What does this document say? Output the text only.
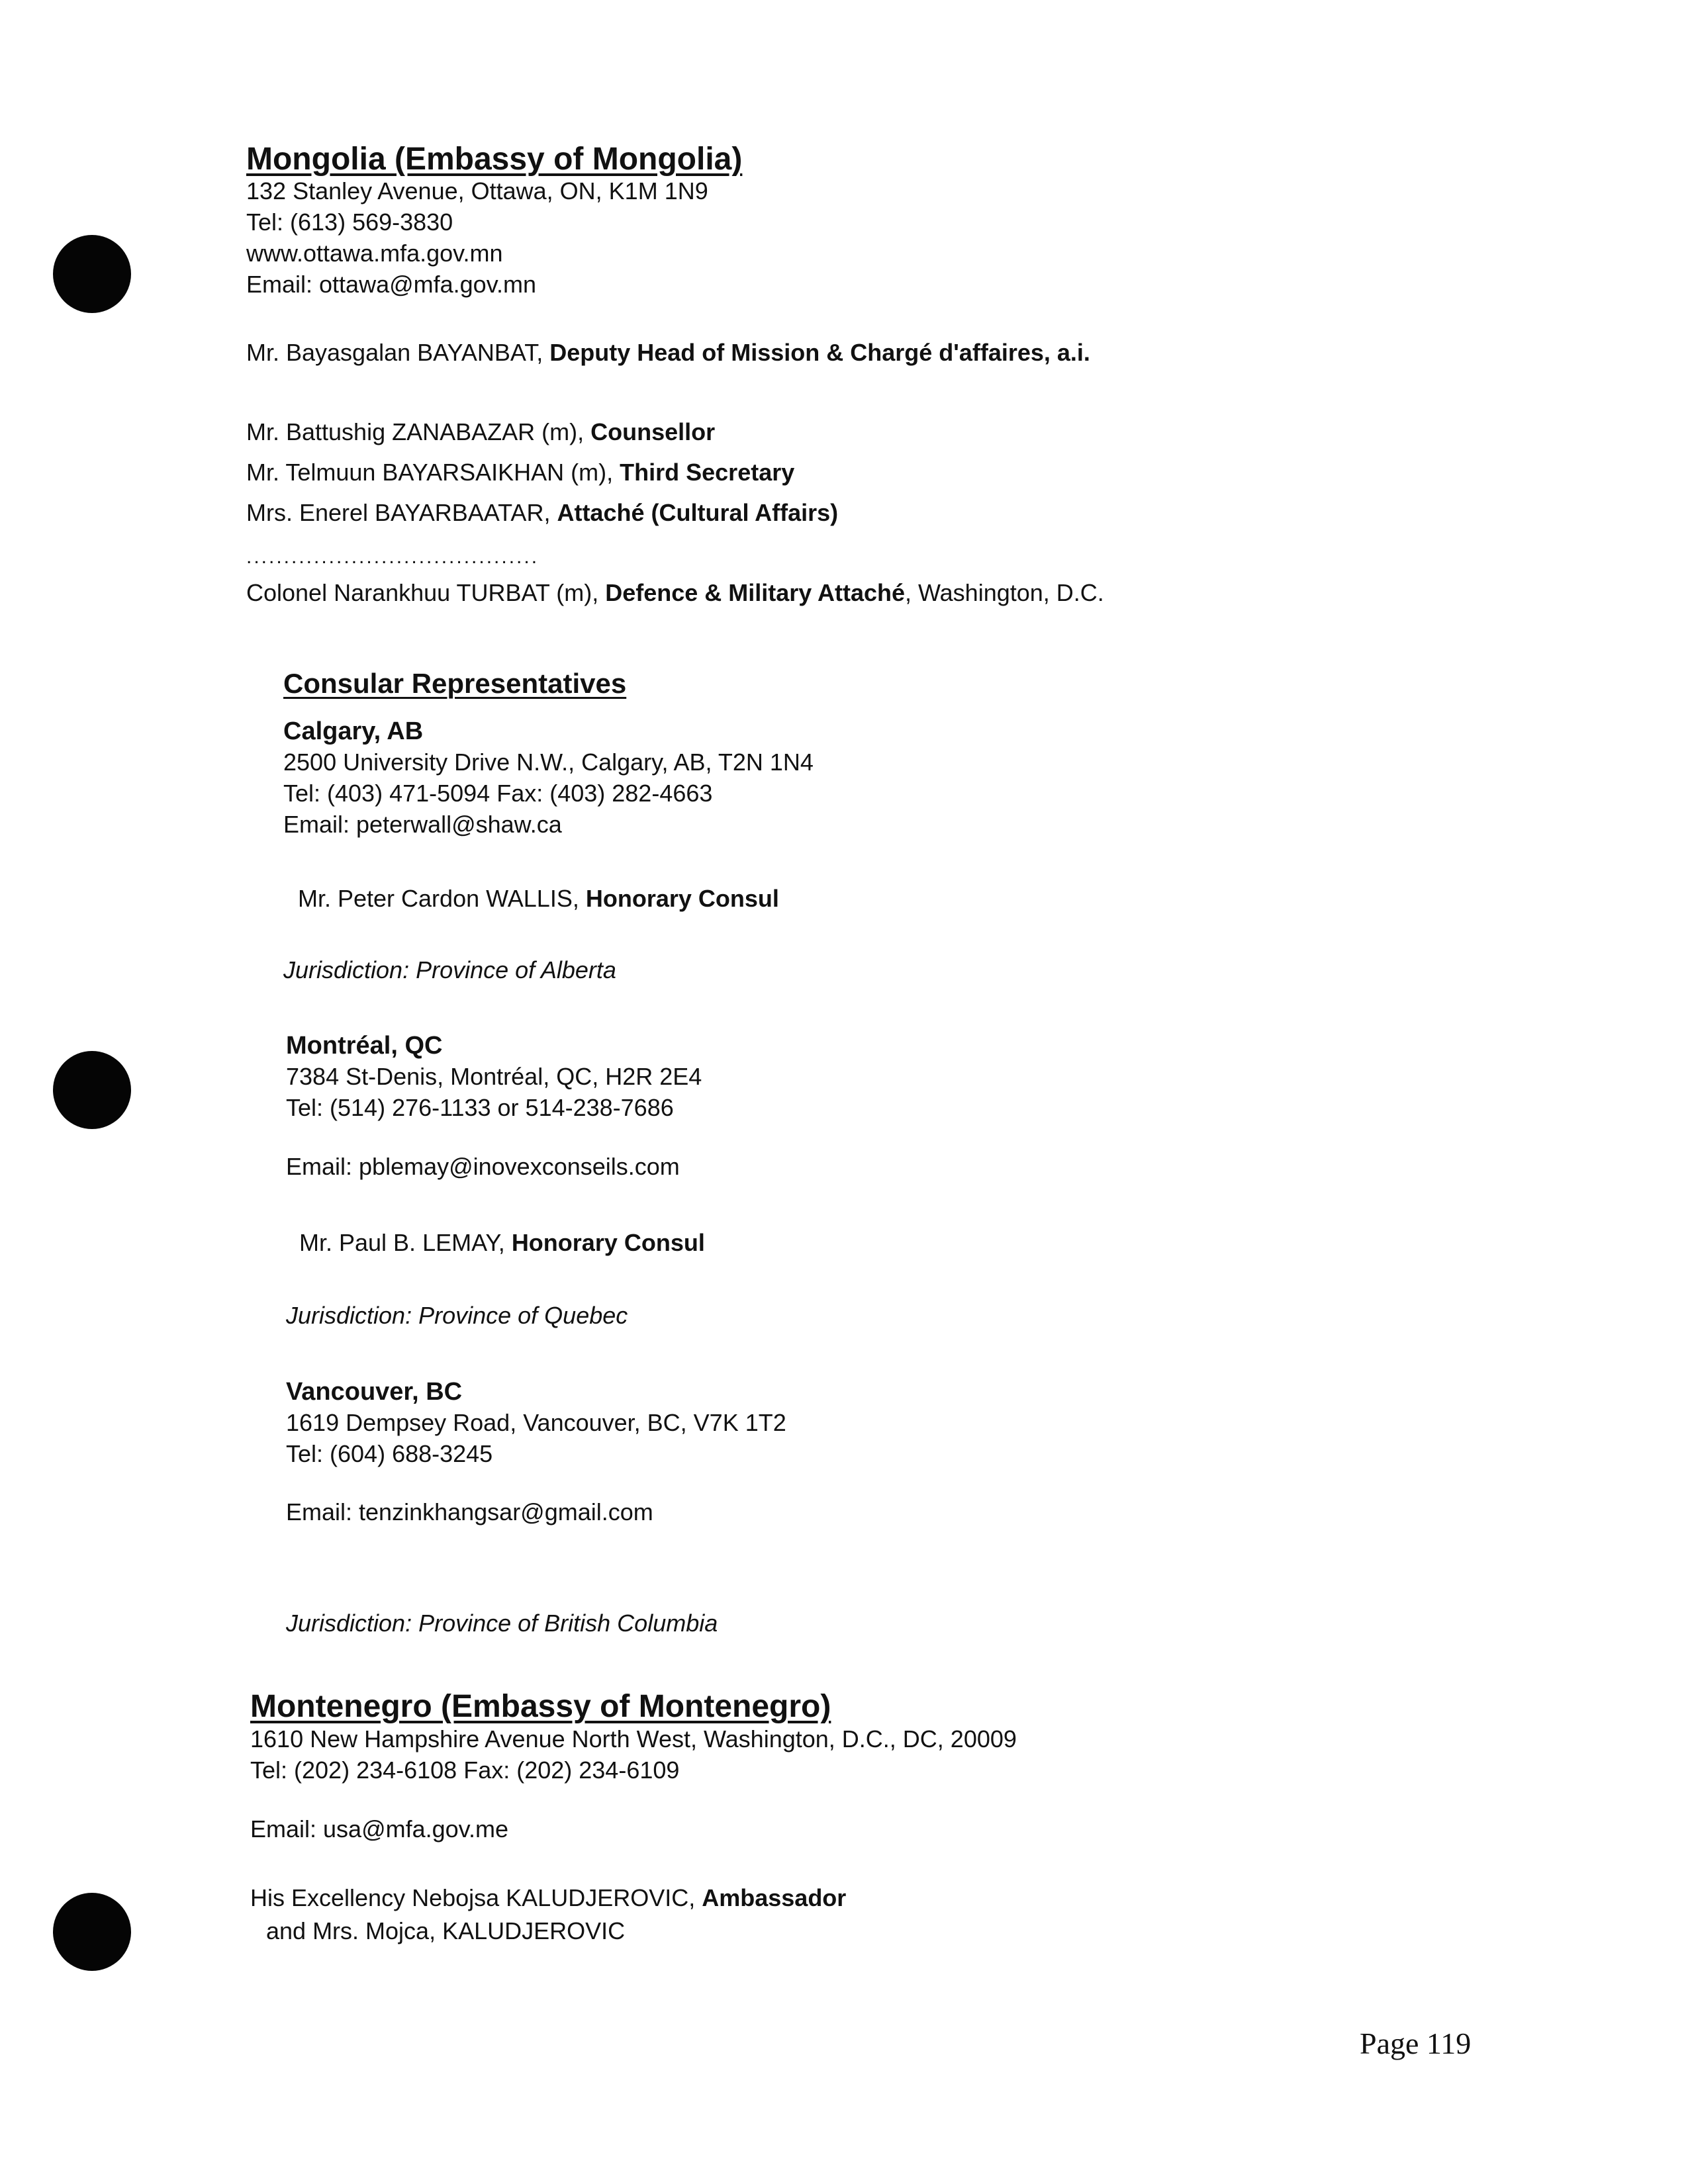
Mongolia (Embassy of Mongolia)
132 Stanley Avenue, Ottawa, ON, K1M 1N9
Tel: (613) 569-3830
www.ottawa.mfa.gov.mn
Email: ottawa@mfa.gov.mn
Mr. Bayasgalan BAYANBAT, Deputy Head of Mission & Chargé d'affaires, a.i.
Mr. Battushig ZANABAZAR (m), Counsellor
Mr. Telmuun BAYARSAIKHAN (m), Third Secretary
Mrs. Enerel BAYARBAATAR, Attaché (Cultural Affairs)
.......................................
Colonel Narankhuu TURBAT (m), Defence & Military Attaché, Washington, D.C.
Consular Representatives
Calgary, AB
2500 University Drive N.W., Calgary, AB, T2N 1N4
Tel: (403) 471-5094 Fax: (403) 282-4663
Email: peterwall@shaw.ca
Mr. Peter Cardon WALLIS, Honorary Consul
Jurisdiction: Province of Alberta
Montréal, QC
7384 St-Denis, Montréal, QC, H2R 2E4
Tel: (514) 276-1133 or 514-238-7686
Email: pblemay@inovexconseils.com
Mr. Paul B. LEMAY, Honorary Consul
Jurisdiction: Province of Quebec
Vancouver, BC
1619 Dempsey Road, Vancouver, BC, V7K 1T2
Tel: (604) 688-3245
Email: tenzinkhangsar@gmail.com
Jurisdiction: Province of British Columbia
Montenegro (Embassy of Montenegro)
1610 New Hampshire Avenue North West, Washington, D.C., DC, 20009
Tel: (202) 234-6108 Fax: (202) 234-6109
Email: usa@mfa.gov.me
His Excellency Nebojsa KALUDJEROVIC, Ambassador
and Mrs. Mojca, KALUDJEROVIC
Page 119
